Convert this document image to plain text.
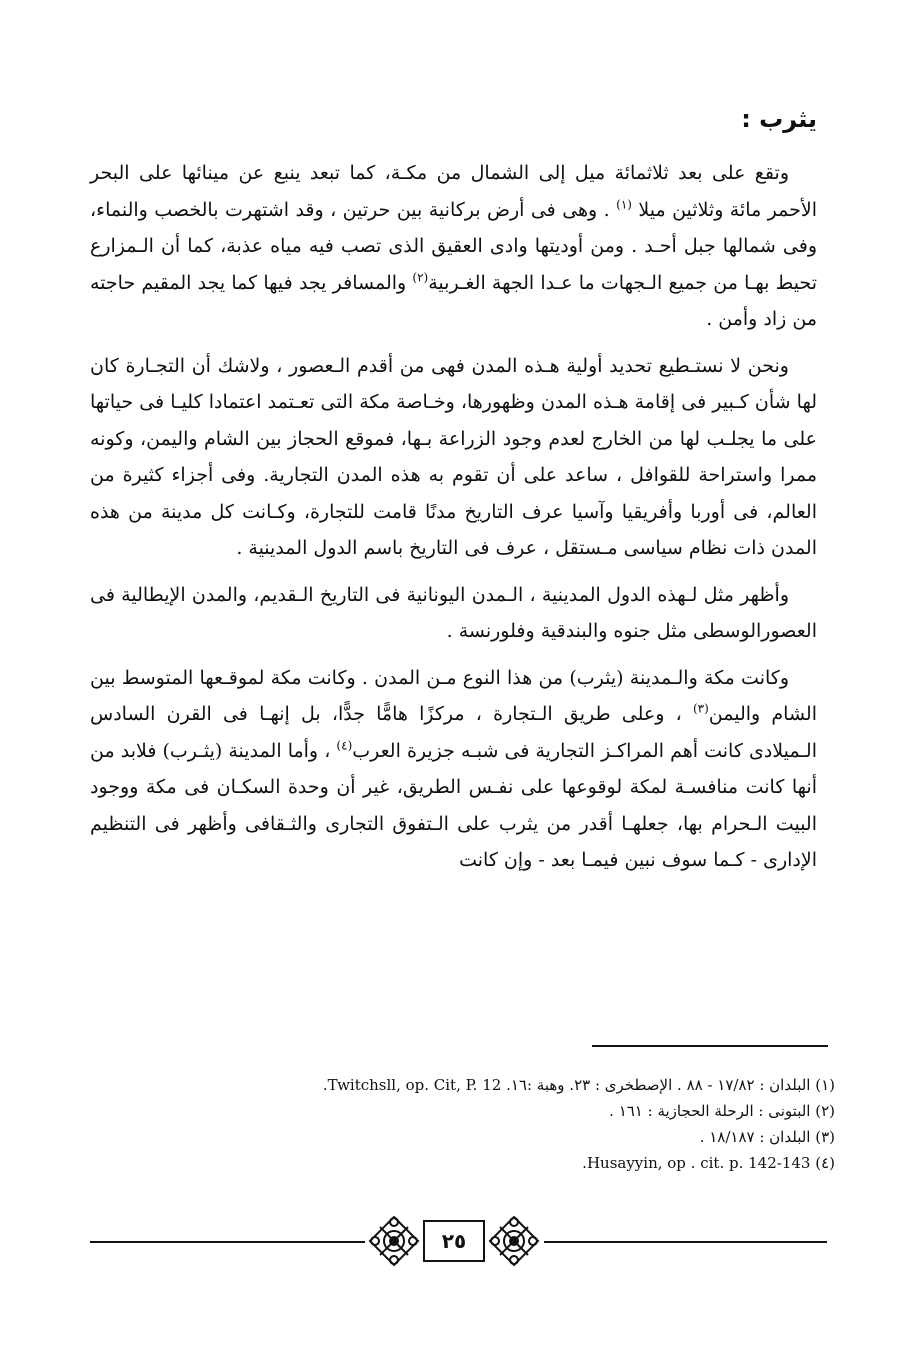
يثرب :

وتقع على بعد ثلاثمائة ميل إلى الشمال من مكـة، كما تبعد ينبع عن مينائها على البحر الأحمر مائة وثلاثين ميلا $^{(١)}$ . وهى فى أرض بركانية بين حرتين ، وقد اشتهرت بالخصب والنماء، وفى شمالها جبل أحـد . ومن أوديتها وادى العقيق الذى تصب فيه مياه عذبة، كما أن الـمزارع تحيط بهـا من جميع الـجهات ما عـدا الجهة الغـربية$^{(٢)}$ والمسافر يجد فيها كما يجد المقيم حاجته من زاد وأمن .

ونحن لا نستـطيع تحديد أولية هـذه المدن فهى من أقدم الـعصور ، ولاشك أن التجـارة كان لها شأن كـبير فى إقامة هـذه المدن وظهورها، وخـاصة مكة التى تعـتمد اعتمادا كليـا فى حياتها على ما يجلـب لها من الخارج لعدم وجود الزراعة بـها، فموقع الحجاز بين الشام واليمن، وكونه ممرا واستراحة للقوافل ، ساعد على أن تقوم به هذه المدن التجارية. وفى أجزاء كثيرة من العالم، فى أوربا وأفريقيا وآسيا عرف التاريخ مدنًا قامت للتجارة، وكـانت كل مدينة من هذه المدن ذات نظام سياسى مـستقل ، عرف فى التاريخ باسم الدول المدينية .

وأظهر مثل لـهذه الدول المدينية ، الـمدن اليونانية فى التاريخ الـقديم، والمدن الإيطالية فى العصورالوسطى مثل جنوه والبندقية وفلورنسة .

وكانت مكة والـمدينة (يثرب) من هذا النوع مـن المدن . وكانت مكة لموقـعها المتوسط بين الشام واليمن$^{(٣)}$ ، وعلى طريق الـتجارة ، مركزًا هامًّا جدًّا، بل إنهـا فى القرن السادس الـميلادى كانت أهم المراكـز التجارية فى شبـه جزيرة العرب$^{(٤)}$ ، وأما المدينة (يثـرب) فلابد من أنها كانت منافسـة لمكة لوقوعها على نفـس الطريق، غير أن وحدة السكـان فى مكة ووجود البيت الـحرام بها، جعلهـا أقدر من يثرب على الـتفوق التجارى والثـقافى وأظهر فى التنظيم الإدارى - كـما سوف نبين فيمـا بعد - وإن كانت

(١) البلدان : ١٧/٨٢ - ٨٨ . الإصطخرى : ٢٣. وهبة :١٦. Twitchsll, op. Cit, P. 12.
(٢) البتونى : الرحلة الحجازية : ١٦١ .
(٣) البلدان : ١٨/١٨٧ .
(٤) Husayyin, op . cit. p. 142-143.
٢٥
